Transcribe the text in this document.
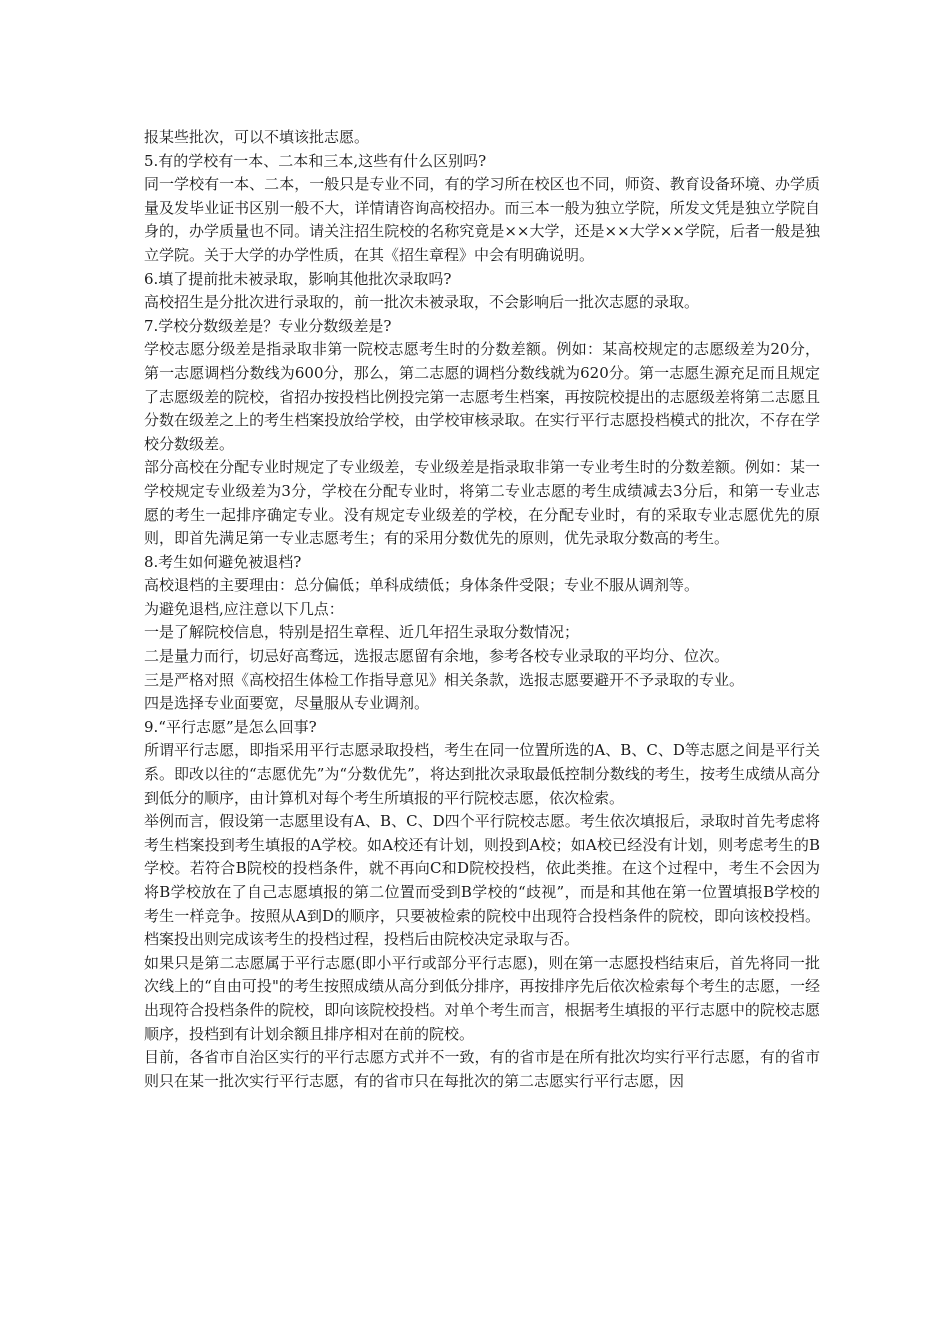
报某些批次，可以不填该批志愿。

5.有的学校有一本、二本和三本,这些有什么区别吗?

同一学校有一本、二本，一般只是专业不同，有的学习所在校区也不同，师资、教育设备环境、办学质量及发毕业证书区别一般不大，详情请咨询高校招办。而三本一般为独立学院，所发文凭是独立学院自身的，办学质量也不同。请关注招生院校的名称究竟是××大学，还是××大学××学院，后者一般是独立学院。关于大学的办学性质，在其《招生章程》中会有明确说明。

6.填了提前批未被录取，影响其他批次录取吗?

高校招生是分批次进行录取的，前一批次未被录取，不会影响后一批次志愿的录取。

7.学校分数级差是？专业分数级差是?

学校志愿分级差是指录取非第一院校志愿考生时的分数差额。例如：某高校规定的志愿级差为20分，第一志愿调档分数线为600分，那么，第二志愿的调档分数线就为620分。第一志愿生源充足而且规定了志愿级差的院校，省招办按投档比例投完第一志愿考生档案，再按院校提出的志愿级差将第二志愿且分数在级差之上的考生档案投放给学校，由学校审核录取。在实行平行志愿投档模式的批次，不存在学校分数级差。

部分高校在分配专业时规定了专业级差，专业级差是指录取非第一专业考生时的分数差额。例如：某一学校规定专业级差为3分，学校在分配专业时，将第二专业志愿的考生成绩减去3分后，和第一专业志愿的考生一起排序确定专业。没有规定专业级差的学校，在分配专业时，有的采取专业志愿优先的原则，即首先满足第一专业志愿考生；有的采用分数优先的原则，优先录取分数高的考生。

8.考生如何避免被退档?

高校退档的主要理由：总分偏低；单科成绩低；身体条件受限；专业不服从调剂等。

为避免退档,应注意以下几点：

一是了解院校信息，特别是招生章程、近几年招生录取分数情况；

二是量力而行，切忌好高骛远，选报志愿留有余地，参考各校专业录取的平均分、位次。

三是严格对照《高校招生体检工作指导意见》相关条款，选报志愿要避开不予录取的专业。

四是选择专业面要宽，尽量服从专业调剂。

9.“平行志愿”是怎么回事?

所谓平行志愿，即指采用平行志愿录取投档，考生在同一位置所选的A、B、C、D等志愿之间是平行关系。即改以往的“志愿优先”为“分数优先”，将达到批次录取最低控制分数线的考生，按考生成绩从高分到低分的顺序，由计算机对每个考生所填报的平行院校志愿，依次检索。

举例而言，假设第一志愿里设有A、B、C、D四个平行院校志愿。考生依次填报后，录取时首先考虑将考生档案投到考生填报的A学校。如A校还有计划，则投到A校；如A校已经没有计划，则考虑考生的B学校。若符合B院校的投档条件，就不再向C和D院校投档，依此类推。在这个过程中，考生不会因为将B学校放在了自己志愿填报的第二位置而受到B学校的“歧视”，而是和其他在第一位置填报B学校的考生一样竞争。按照从A到D的顺序，只要被检索的院校中出现符合投档条件的院校，即向该校投档。档案投出则完成该考生的投档过程，投档后由院校决定录取与否。

如果只是第二志愿属于平行志愿(即小平行或部分平行志愿)，则在第一志愿投档结束后，首先将同一批次线上的“自由可投"的考生按照成绩从高分到低分排序，再按排序先后依次检索每个考生的志愿，一经出现符合投档条件的院校，即向该院校投档。对单个考生而言，根据考生填报的平行志愿中的院校志愿顺序，投档到有计划余额且排序相对在前的院校。

目前，各省市自治区实行的平行志愿方式并不一致，有的省市是在所有批次均实行平行志愿，有的省市则只在某一批次实行平行志愿，有的省市只在每批次的第二志愿实行平行志愿，因
